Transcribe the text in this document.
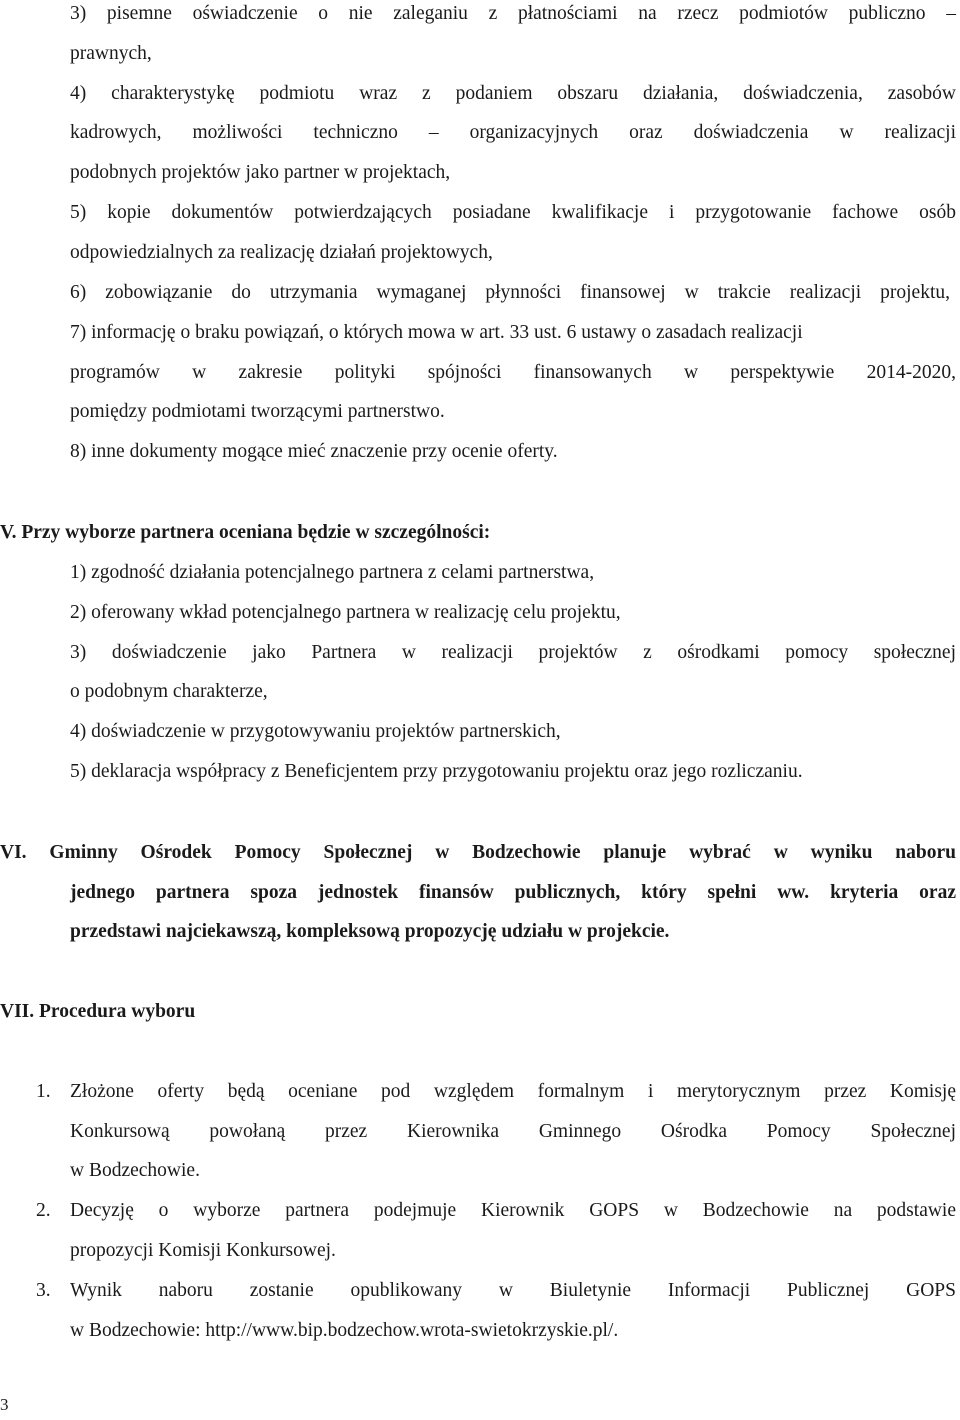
3) pisemne oświadczenie o nie zaleganiu z płatnościami na rzecz podmiotów publiczno –
prawnych,
4) charakterystykę podmiotu wraz z podaniem obszaru działania, doświadczenia, zasobów
kadrowych, możliwości techniczno – organizacyjnych oraz doświadczenia w realizacji
podobnych projektów jako partner w projektach,
5) kopie dokumentów potwierdzających posiadane kwalifikacje i przygotowanie fachowe osób
odpowiedzialnych za realizację działań projektowych,
6) zobowiązanie do utrzymania wymaganej płynności finansowej w trakcie realizacji projektu,
7) informację o braku powiązań, o których mowa w art. 33 ust. 6 ustawy o zasadach realizacji
programów w zakresie polityki spójności finansowanych w perspektywie 2014-2020,
pomiędzy podmiotami tworzącymi partnerstwo.
8) inne dokumenty mogące mieć znaczenie przy ocenie oferty.
V. Przy wyborze partnera oceniana będzie w szczególności:
1) zgodność działania potencjalnego partnera z celami partnerstwa,
2) oferowany wkład potencjalnego partnera w realizację celu projektu,
3) doświadczenie jako Partnera w realizacji projektów z ośrodkami pomocy społecznej
o podobnym charakterze,
4) doświadczenie w przygotowywaniu projektów partnerskich,
5) deklaracja współpracy z Beneficjentem przy przygotowaniu projektu oraz jego rozliczaniu.
VI. Gminny Ośrodek Pomocy Społecznej w Bodzechowie planuje wybrać w wyniku naboru
jednego partnera spoza jednostek finansów publicznych, który spełni ww. kryteria oraz
przedstawi najciekawszą, kompleksową propozycję udziału w projekcie.
VII. Procedura wyboru
1. Złożone oferty będą oceniane pod względem formalnym i merytorycznym przez Komisję
Konkursową powołaną przez Kierownika Gminnego Ośrodka Pomocy Społecznej
w Bodzechowie.
2. Decyzję o wyborze partnera podejmuje Kierownik GOPS w Bodzechowie na podstawie
propozycji Komisji Konkursowej.
3. Wynik naboru zostanie opublikowany w Biuletynie Informacji Publicznej GOPS
w Bodzechowie: http://www.bip.bodzechow.wrota-swietokrzyskie.pl/.
3
